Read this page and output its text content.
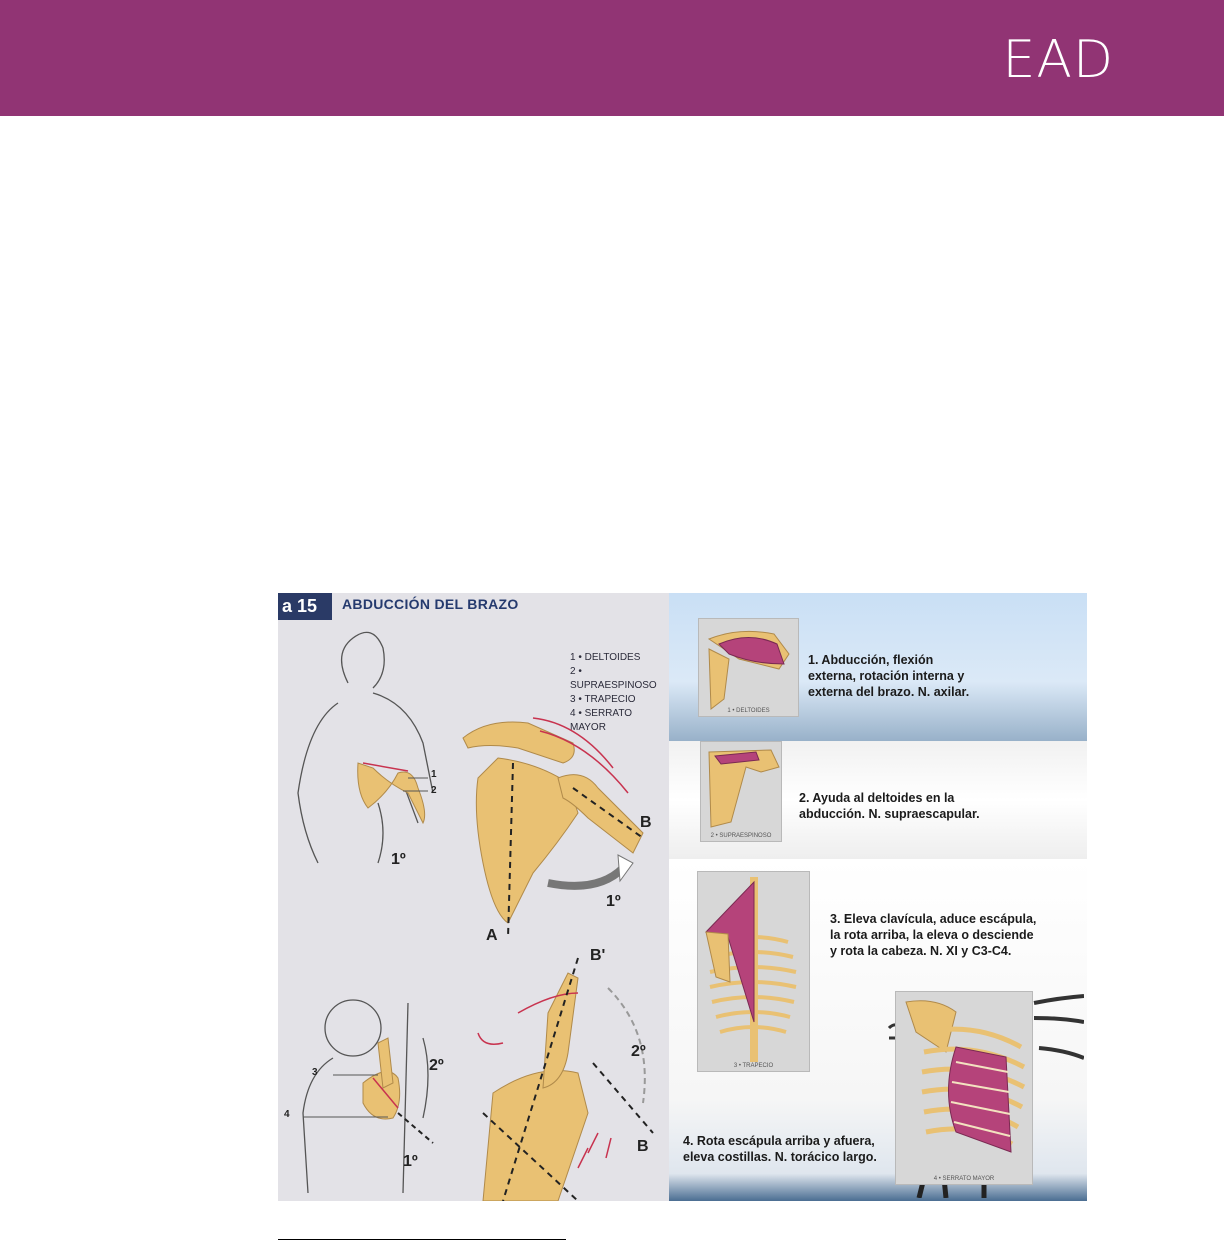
EAD
a 15	ABDUCCIÓN DEL BRAZO
1 • DELTOIDES
2 • SUPRAESPINOSO
3 • TRAPECIO
4 • SERRATO MAYOR
1
2
3
4
1º
B
1º
A
B'
2º
2º
B
1º
1 • DELTOIDES
1. Abducción, flexión
externa, rotación interna y
externa del brazo. N. axilar.
2 • SUPRAESPINOSO
2. Ayuda al deltoides en la
abducción. N. supraescapular.
3 • TRAPECIO
3. Eleva clavícula, aduce escápula,
la rota arriba, la eleva o desciende
y rota la cabeza. N. XI y C3-C4.
4 • SERRATO MAYOR
4. Rota escápula arriba y afuera,
eleva costillas. N. torácico largo.
